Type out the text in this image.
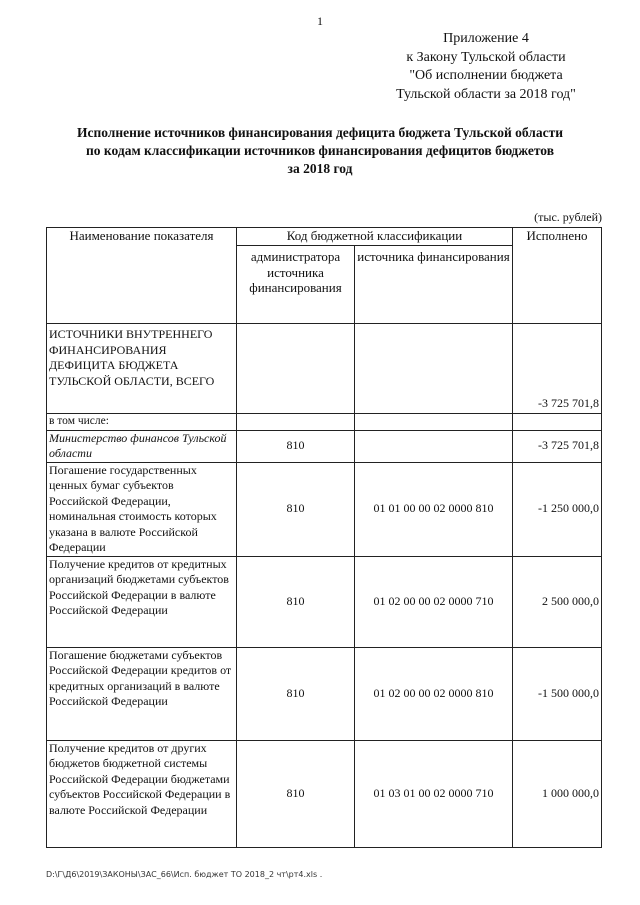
1
Приложение 4
к Закону Тульской области
"Об исполнении бюджета
Тульской области за 2018 год"
Исполнение источников финансирования дефицита бюджета Тульской области
по кодам классификации источников финансирования дефицитов бюджетов
за 2018 год
(тыс. рублей)
Наименование показателя	Код бюджетной классификации		Исполнено
	администратора источника финансирования	источника финансирования	
ИСТОЧНИКИ ВНУТРЕННЕГО ФИНАНСИРОВАНИЯ ДЕФИЦИТА БЮДЖЕТА ТУЛЬСКОЙ ОБЛАСТИ, ВСЕГО			-3 725 701,8
в том числе:			
Министерство финансов Тульской области	810		-3 725 701,8
Погашение государственных ценных бумаг субъектов Российской Федерации, номинальная стоимость которых указана в валюте Российской Федерации	810	01 01 00 00 02 0000 810	-1 250 000,0
Получение кредитов от кредитных организаций бюджетами субъектов Российской Федерации в валюте Российской Федерации	810	01 02 00 00 02 0000 710	2 500 000,0
Погашение бюджетами субъектов Российской Федерации кредитов от кредитных организаций в валюте Российской Федерации	810	01 02 00 00 02 0000 810	-1 500 000,0
Получение кредитов от других бюджетов бюджетной системы Российской Федерации бюджетами субъектов Российской Федерации в валюте Российской Федерации	810	01 03 01 00 02 0000 710	1 000 000,0
D:\Г\Д6\2019\ЗАКОНЫ\ЗАС_66\Исп. бюджет ТО 2018_2 чт\рт4.xls .
